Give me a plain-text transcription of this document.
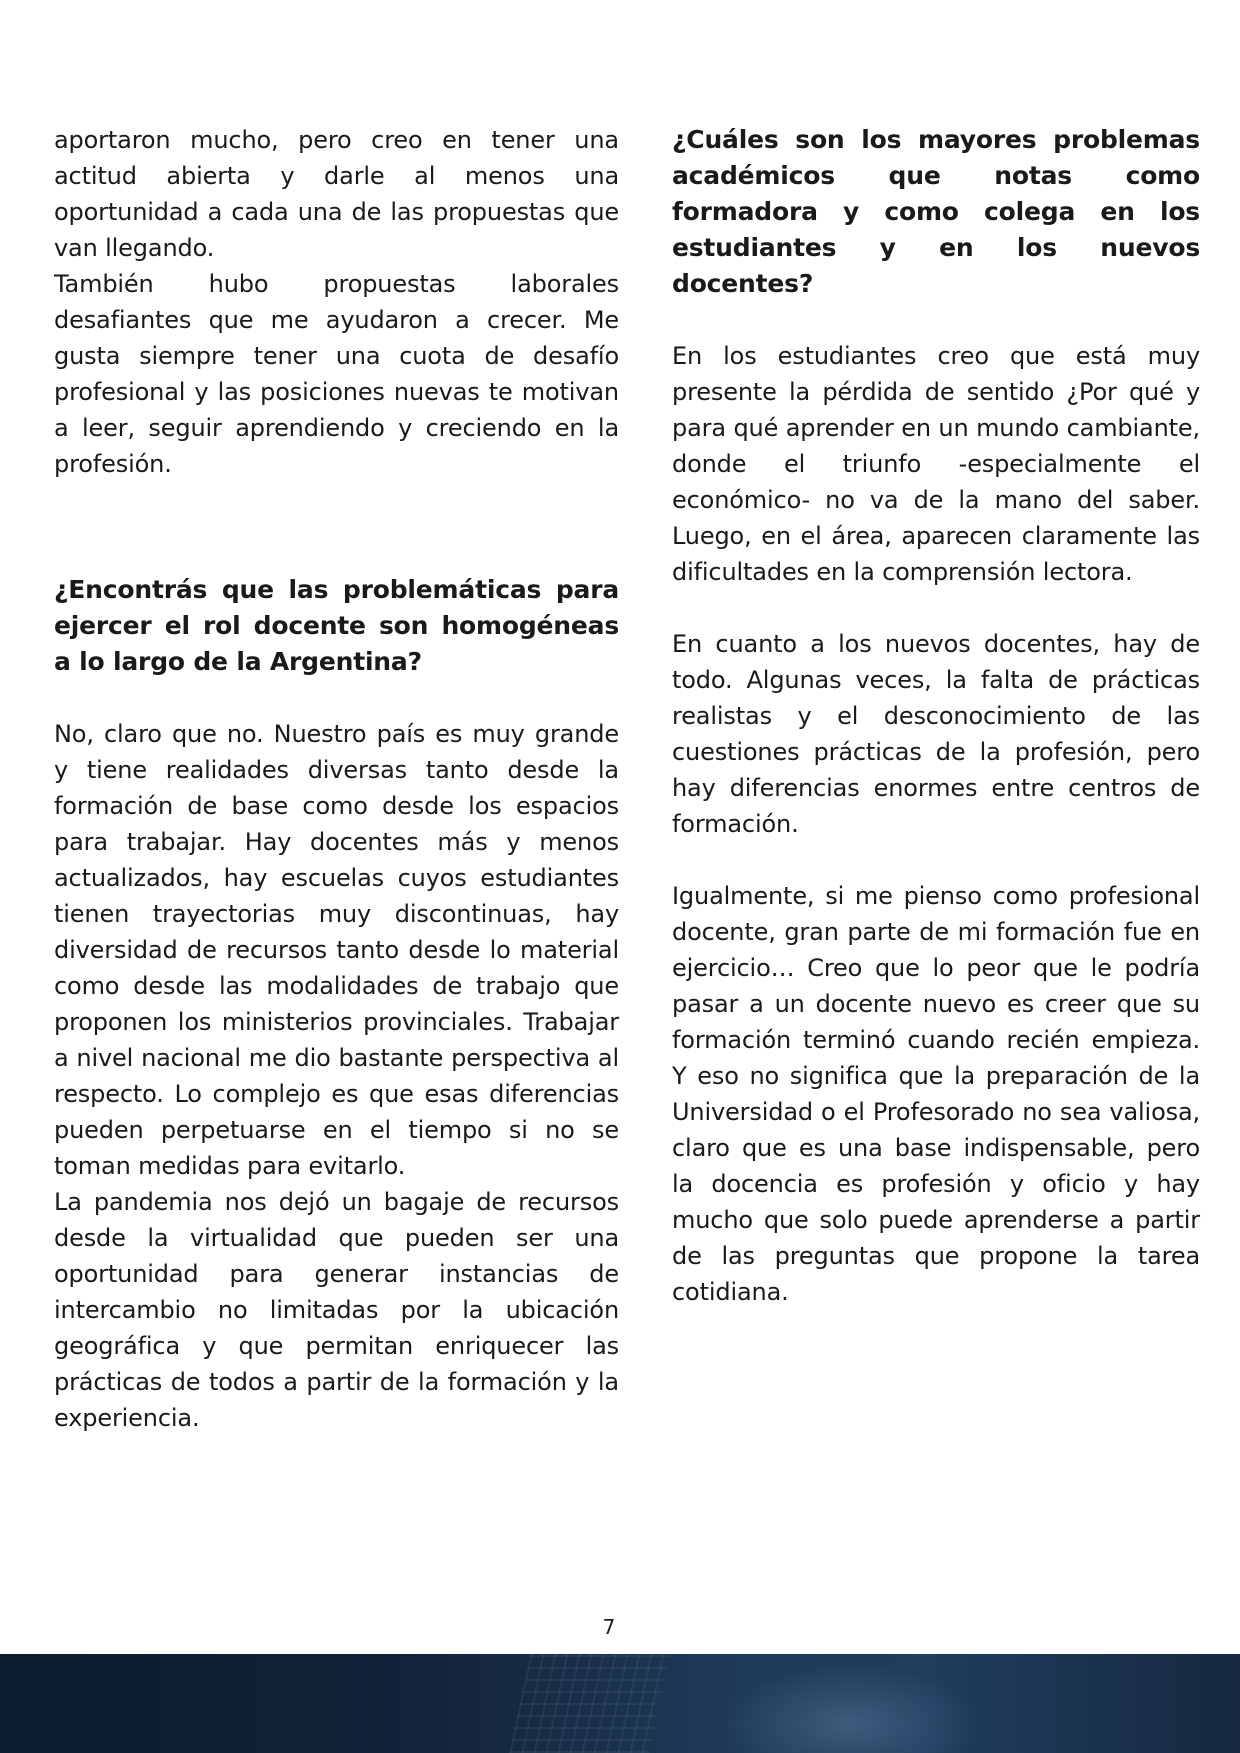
aportaron mucho, pero creo en tener una actitud abierta y darle al menos una oportunidad a cada una de las propuestas que van llegando.

También hubo propuestas laborales desafiantes que me ayudaron a crecer. Me gusta siempre tener una cuota de desafío profesional y las posiciones nuevas te motivan a leer, seguir aprendiendo y creciendo en la profesión.

¿Encontrás que las problemáticas para ejercer el rol docente son homogéneas a lo largo de la Argentina?

No, claro que no. Nuestro país es muy grande y tiene realidades diversas tanto desde la formación de base como desde los espacios para trabajar. Hay docentes más y menos actualizados, hay escuelas cuyos estudiantes tienen trayectorias muy discontinuas, hay diversidad de recursos tanto desde lo material como desde las modalidades de trabajo que proponen los ministerios provinciales. Trabajar a nivel nacional me dio bastante perspectiva al respecto. Lo complejo es que esas diferencias pueden perpetuarse en el tiempo si no se toman medidas para evitarlo.

La pandemia nos dejó un bagaje de recursos desde la virtualidad que pueden ser una oportunidad para generar instancias de intercambio no limitadas por la ubicación geográfica y que permitan enriquecer las prácticas de todos a partir de la formación y la experiencia.

¿Cuáles son los mayores problemas académicos que notas como formadora y como colega en los estudiantes y en los nuevos docentes?

En los estudiantes creo que está muy presente la pérdida de sentido ¿Por qué y para qué aprender en un mundo cambiante, donde el triunfo -especialmente el económico- no va de la mano del saber. Luego, en el área, aparecen claramente las dificultades en la comprensión lectora.

En cuanto a los nuevos docentes, hay de todo. Algunas veces, la falta de prácticas realistas y el desconocimiento de las cuestiones prácticas de la profesión, pero hay diferencias enormes entre centros de formación.

Igualmente, si me pienso como profesional docente, gran parte de mi formación fue en ejercicio… Creo que lo peor que le podría pasar a un docente nuevo es creer que su formación terminó cuando recién empieza. Y eso no significa que la preparación de la Universidad o el Profesorado no sea valiosa, claro que es una base indispensable, pero la docencia es profesión y oficio y hay mucho que solo puede aprenderse a partir de las preguntas que propone la tarea cotidiana.

7
